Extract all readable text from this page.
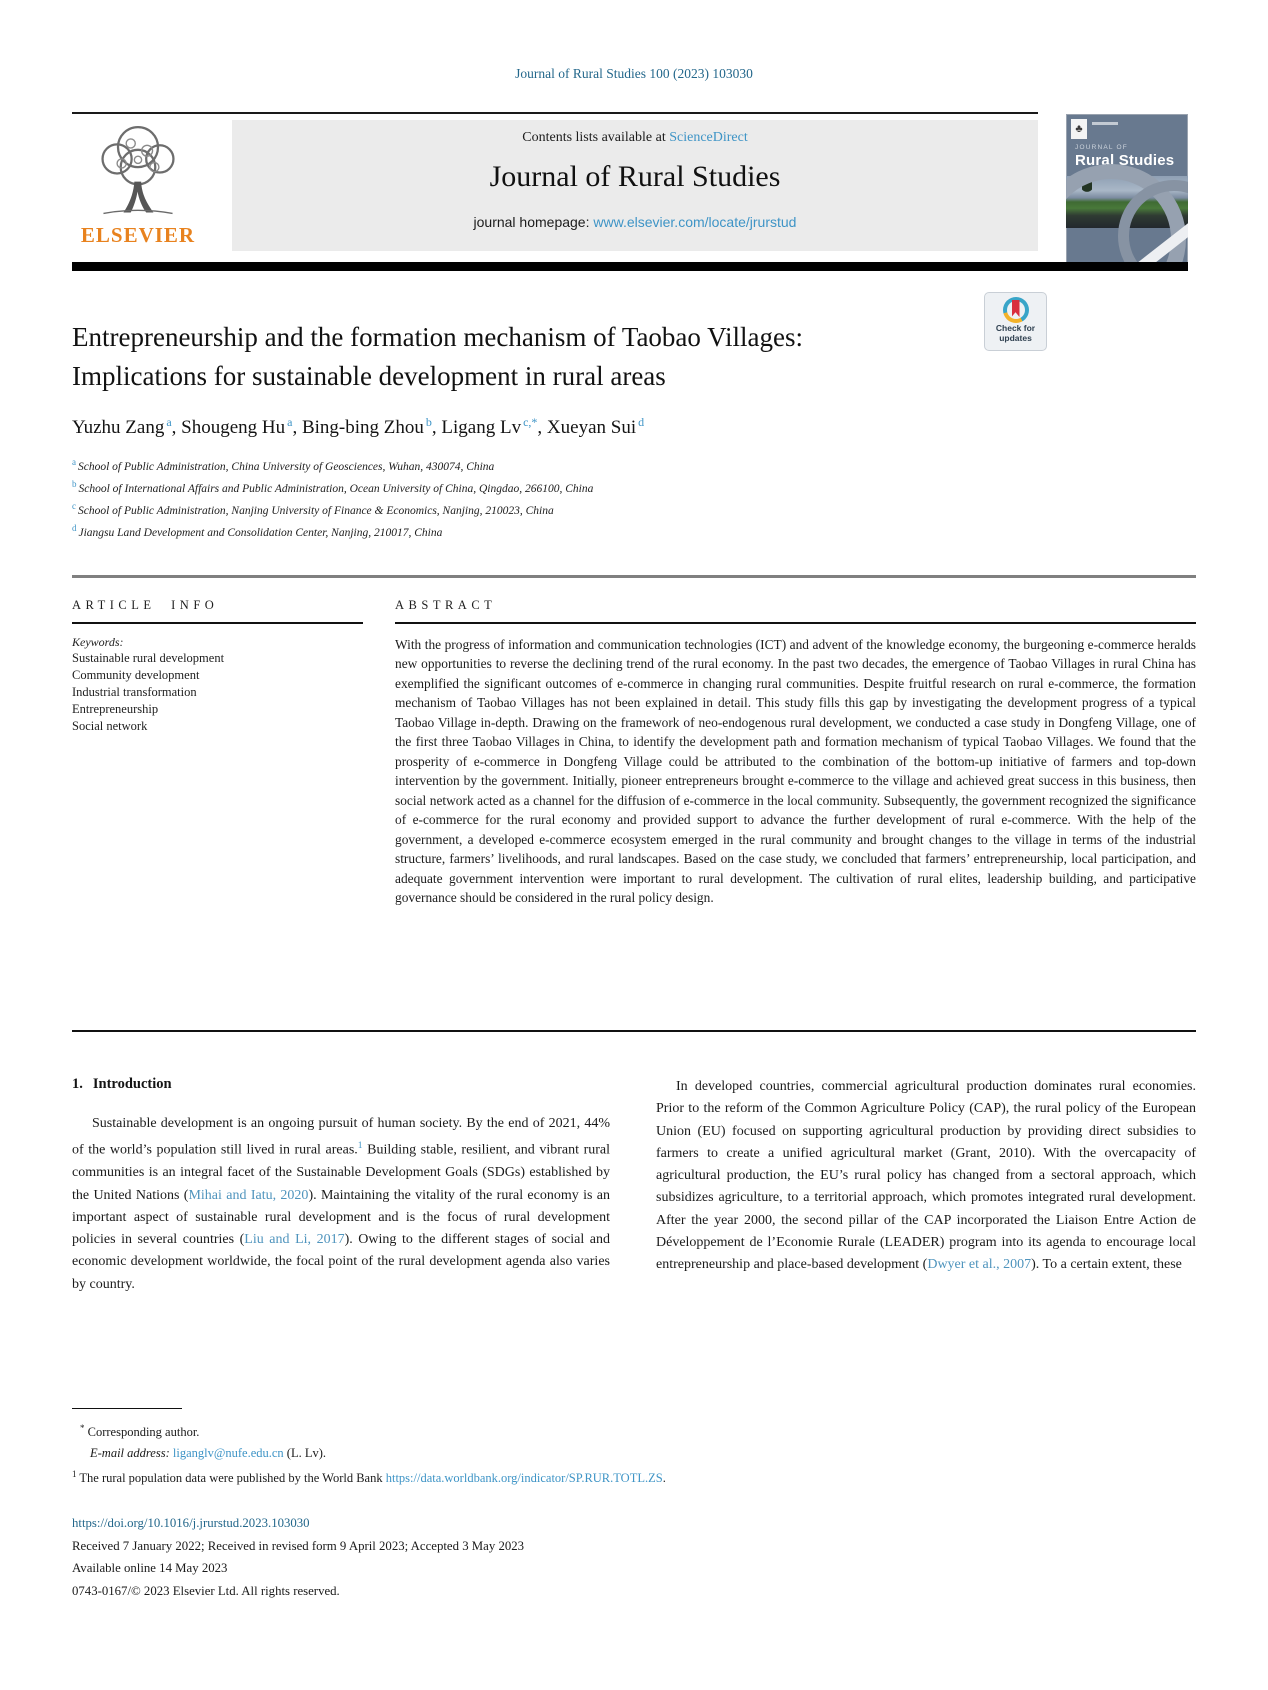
Journal of Rural Studies 100 (2023) 103030
ELSEVIER
Contents lists available at ScienceDirect
Journal of Rural Studies
journal homepage: www.elsevier.com/locate/jrurstud
♣
JOURNAL OF
Rural Studies
Entrepreneurship and the formation mechanism of Taobao Villages:
Implications for sustainable development in rural areas
Check for
updates
Yuzhu Zang $^a$, Shougeng Hu $^a$, Bing-bing Zhou $^b$, Ligang Lv $^{c,*}$, Xueyan Sui $^d$
$^a$ School of Public Administration, China University of Geosciences, Wuhan, 430074, China
$^b$ School of International Affairs and Public Administration, Ocean University of China, Qingdao, 266100, China
$^c$ School of Public Administration, Nanjing University of Finance & Economics, Nanjing, 210023, China
$^d$ Jiangsu Land Development and Consolidation Center, Nanjing, 210017, China
ARTICLE INFO
Keywords:
Sustainable rural development
Community development
Industrial transformation
Entrepreneurship
Social network
ABSTRACT

With the progress of information and communication technologies (ICT) and advent of the knowledge economy, the burgeoning e-commerce heralds new opportunities to reverse the declining trend of the rural economy. In the past two decades, the emergence of Taobao Villages in rural China has exemplified the significant outcomes of e-commerce in changing rural communities. Despite fruitful research on rural e-commerce, the formation mechanism of Taobao Villages has not been explained in detail. This study fills this gap by investigating the development progress of a typical Taobao Village in-depth. Drawing on the framework of neo-endogenous rural development, we conducted a case study in Dongfeng Village, one of the first three Taobao Villages in China, to identify the development path and formation mechanism of typical Taobao Villages. We found that the prosperity of e-commerce in Dongfeng Village could be attributed to the combination of the bottom-up initiative of farmers and top-down intervention by the government. Initially, pioneer entrepreneurs brought e-commerce to the village and achieved great success in this business, then social network acted as a channel for the diffusion of e-commerce in the local community. Subsequently, the government recognized the significance of e-commerce for the rural economy and provided support to advance the further development of rural e-commerce. With the help of the government, a developed e-commerce ecosystem emerged in the rural community and brought changes to the village in terms of the industrial structure, farmers’ livelihoods, and rural landscapes. Based on the case study, we concluded that farmers’ entrepreneurship, local participation, and adequate government intervention were important to rural development. The cultivation of rural elites, leadership building, and participative governance should be considered in the rural policy design.

1. Introduction

Sustainable development is an ongoing pursuit of human society. By the end of 2021, 44% of the world’s population still lived in rural areas.$^1$ Building stable, resilient, and vibrant rural communities is an integral facet of the Sustainable Development Goals (SDGs) established by the United Nations (Mihai and Iatu, 2020). Maintaining the vitality of the rural economy is an important aspect of sustainable rural development and is the focus of rural development policies in several countries (Liu and Li, 2017). Owing to the different stages of social and economic development worldwide, the focal point of the rural development agenda also varies by country.

In developed countries, commercial agricultural production dominates rural economies. Prior to the reform of the Common Agriculture Policy (CAP), the rural policy of the European Union (EU) focused on supporting agricultural production by providing direct subsidies to farmers to create a unified agricultural market (Grant, 2010). With the overcapacity of agricultural production, the EU’s rural policy has changed from a sectoral approach, which subsidizes agriculture, to a territorial approach, which promotes integrated rural development. After the year 2000, the second pillar of the CAP incorporated the Liaison Entre Action de Développement de l’Economie Rurale (LEADER) program into its agenda to encourage local entrepreneurship and place-based development (Dwyer et al., 2007). To a certain extent, these

* Corresponding author.
E-mail address: liganglv@nufe.edu.cn (L. Lv).
$^1$ The rural population data were published by the World Bank https://data.worldbank.org/indicator/SP.RUR.TOTL.ZS.
https://doi.org/10.1016/j.jrurstud.2023.103030
Received 7 January 2022; Received in revised form 9 April 2023; Accepted 3 May 2023
Available online 14 May 2023
0743-0167/© 2023 Elsevier Ltd. All rights reserved.
